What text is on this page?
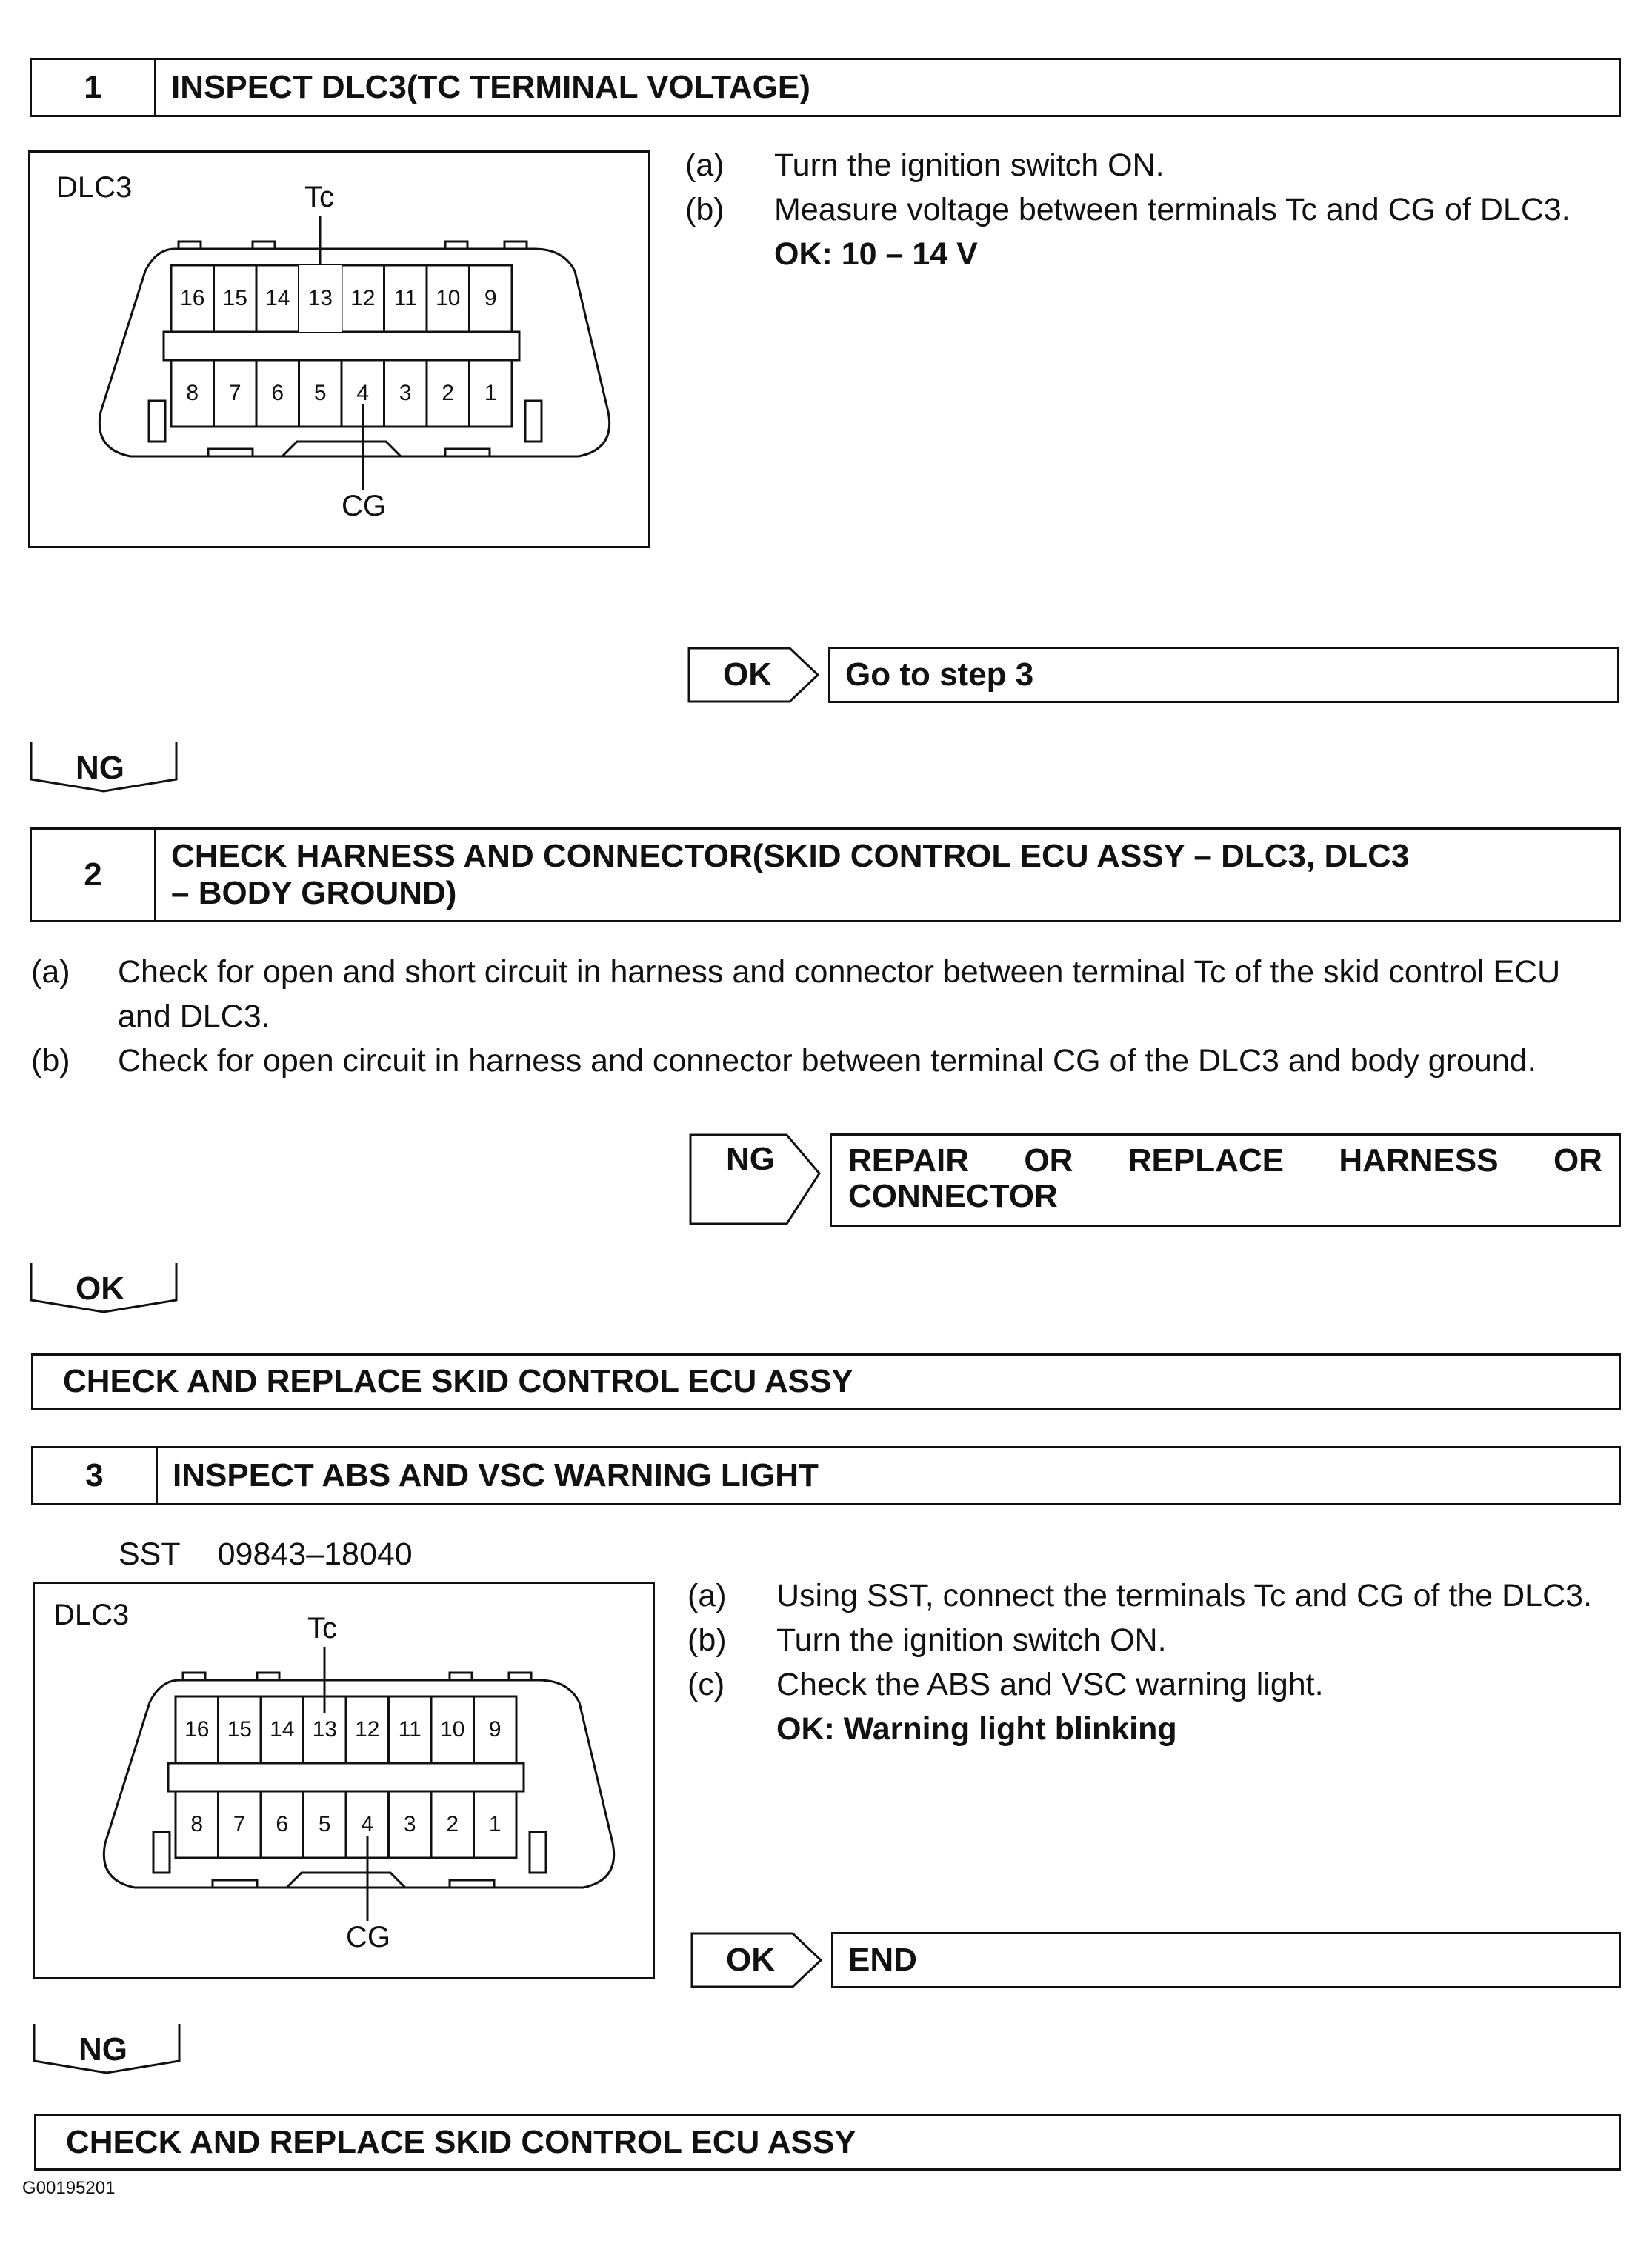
1	INSPECT DLC3(TC TERMINAL VOLTAGE)
DLC3	Tc
CG
16 15 14 13 12 11 10	9
8	7	6	5	4	3	2	1
(a) Turn the ignition switch ON.
(b) Measure voltage between terminals Tc and CG of DLC3.
OK: 10 – 14 V
OK	Go to step 3
NG
2
CHECK HARNESS AND CONNECTOR(SKID CONTROL ECU ASSY – DLC3, DLC3
– BODY GROUND)
(a) Check for open and short circuit in harness and connector between terminal Tc of the skid control ECU
and DLC3.
(b) Check for open circuit in harness and connector between terminal CG of the DLC3 and body ground.
NG REPAIR OR REPLACE HARNESS OR
CONNECTOR
OK
CHECK AND REPLACE SKID CONTROL ECU ASSY
3	INSPECT ABS AND VSC WARNING LIGHT
SST 09843–18040
DLC3	Tc
CG
16 15 14 13 12 11 10	9
8	7	6	5	4	3	2	1
(a) Using SST, connect the terminals Tc and CG of the DLC3.
(b) Turn the ignition switch ON.
(c) Check the ABS and VSC warning light.
OK: Warning light blinking
OK	END
NG
CHECK AND REPLACE SKID CONTROL ECU ASSY
G00195201
